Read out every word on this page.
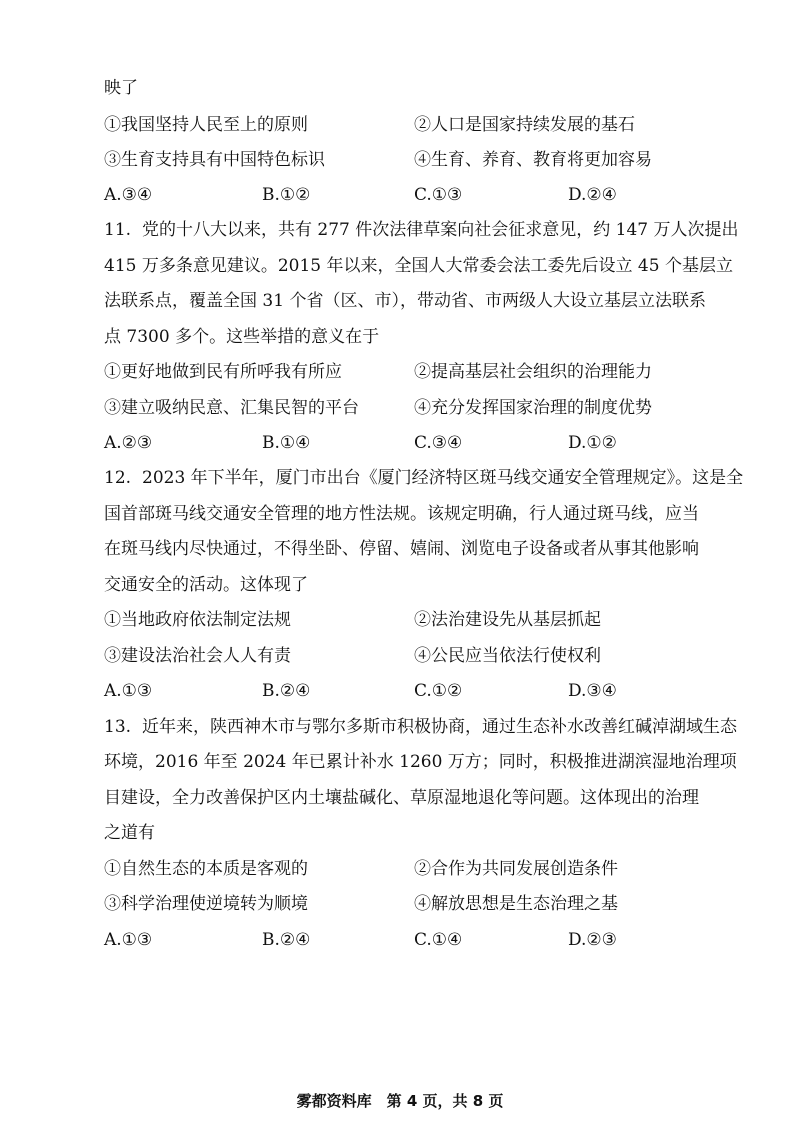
映了
①我国坚持人民至上的原则	②人口是国家持续发展的基石
③生育支持具有中国特色标识	④生育、养育、教育将更加容易
A.③④	B.①②	C.①③	D.②④
11. 党的十八大以来，共有 277 件次法律草案向社会征求意见，约 147 万人次提出
415 万多条意见建议。2015 年以来，全国人大常委会法工委先后设立 45 个基层立
法联系点，覆盖全国 31 个省（区、市），带动省、市两级人大设立基层立法联系
点 7300 多个。这些举措的意义在于
①更好地做到民有所呼我有所应	②提高基层社会组织的治理能力
③建立吸纳民意、汇集民智的平台	④充分发挥国家治理的制度优势
A.②③	B.①④	C.③④	D.①②
12. 2023 年下半年，厦门市出台《厦门经济特区斑马线交通安全管理规定》。这是全
国首部斑马线交通安全管理的地方性法规。该规定明确，行人通过斑马线，应当
在斑马线内尽快通过，不得坐卧、停留、嬉闹、浏览电子设备或者从事其他影响
交通安全的活动。这体现了
①当地政府依法制定法规	②法治建设先从基层抓起
③建设法治社会人人有责	④公民应当依法行使权利
A.①③	B.②④	C.①②	D.③④
13. 近年来，陕西神木市与鄂尔多斯市积极协商，通过生态补水改善红碱淖湖域生态
环境，2016 年至 2024 年已累计补水 1260 万方；同时，积极推进湖滨湿地治理项
目建设，全力改善保护区内土壤盐碱化、草原湿地退化等问题。这体现出的治理
之道有
①自然生态的本质是客观的	②合作为共同发展创造条件
③科学治理使逆境转为顺境	④解放思想是生态治理之基
A.①③	B.②④	C.①④	D.②③
雾都资料库　第 4 页，共 8 页
